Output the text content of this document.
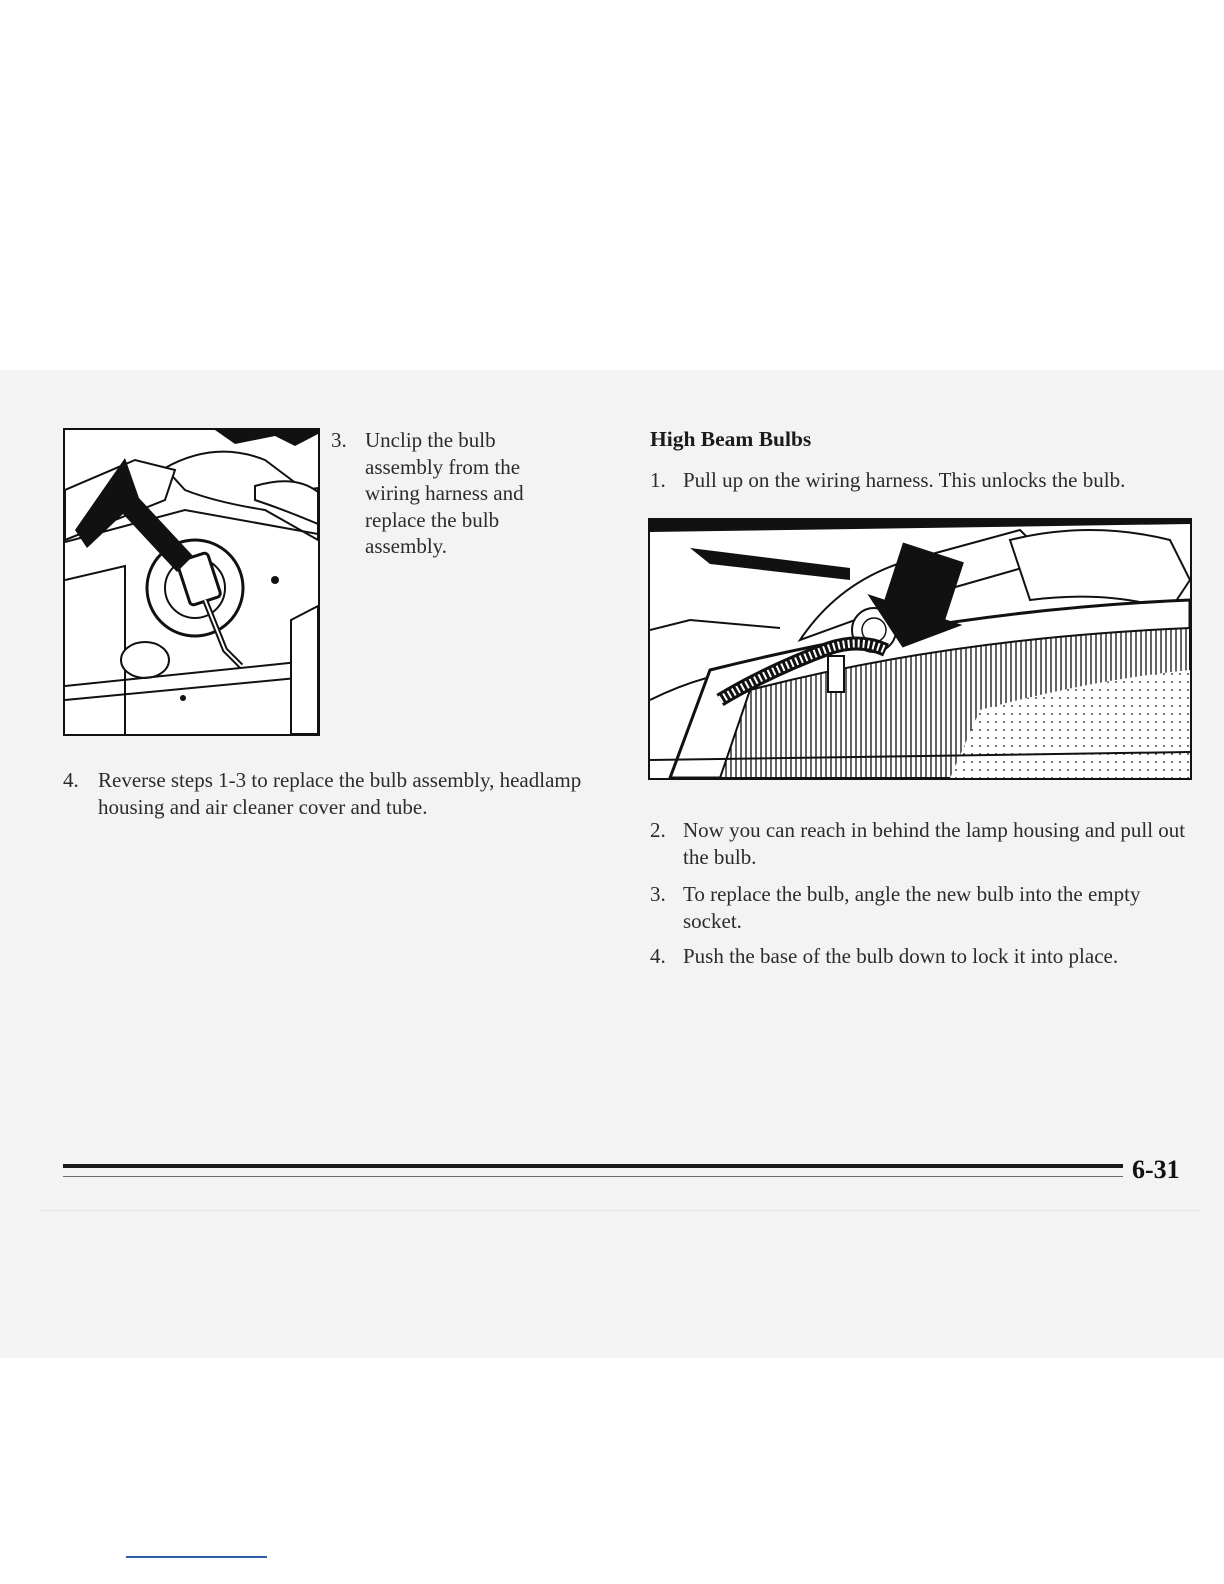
3. Unclip the bulb assembly from the wiring harness and replace the bulb assembly.
4. Reverse steps 1-3 to replace the bulb assembly, headlamp housing and air cleaner cover and tube.
High Beam Bulbs
1. Pull up on the wiring harness. This unlocks the bulb.
2. Now you can reach in behind the lamp housing and pull out the bulb.
3. To replace the bulb, angle the new bulb into the empty socket.
4. Push the base of the bulb down to lock it into place.
6-31
